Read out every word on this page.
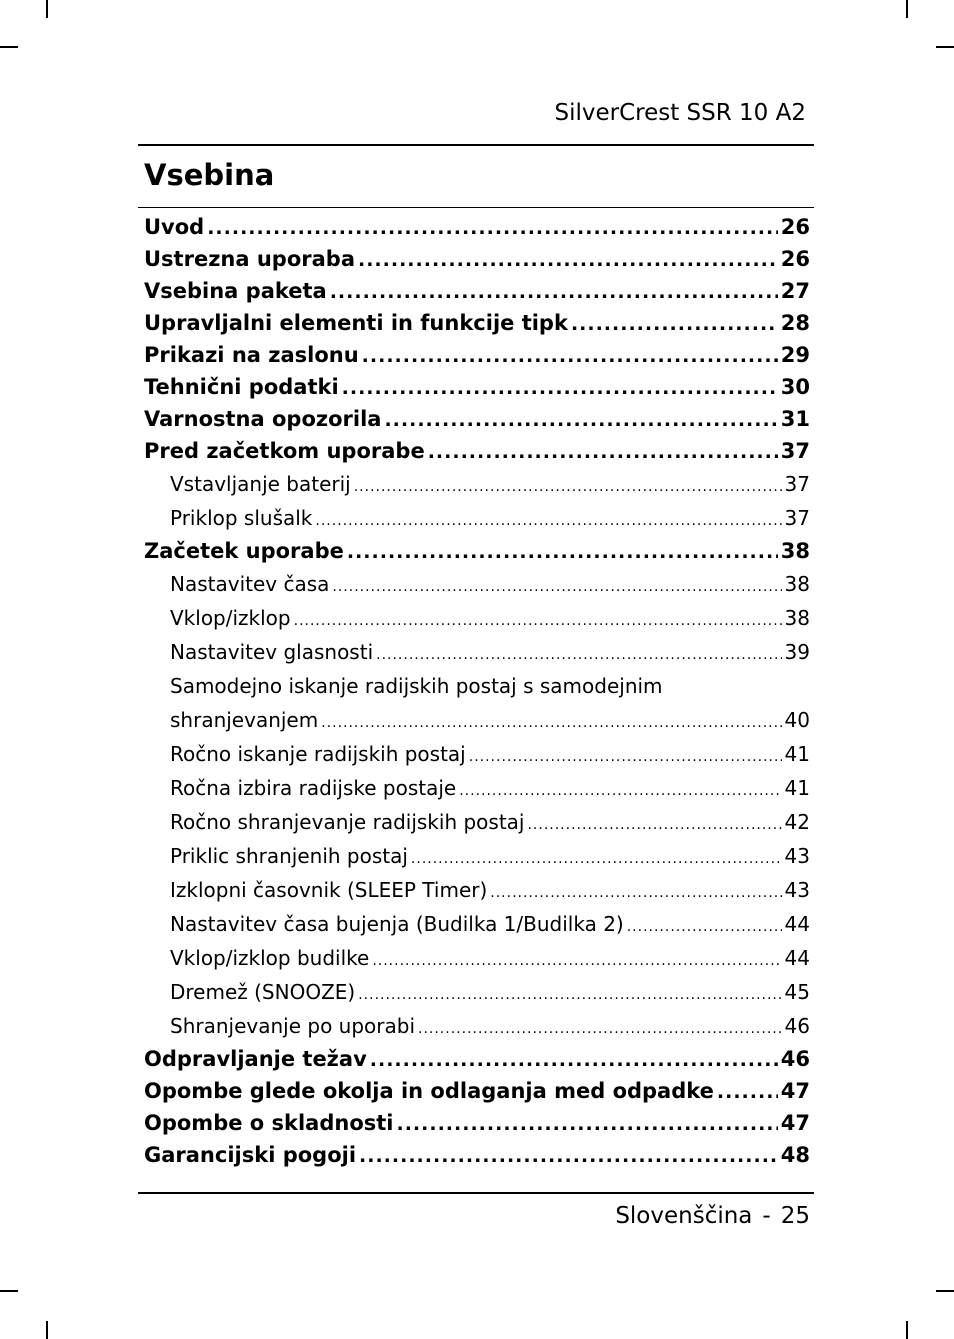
SilverCrest SSR 10 A2
Vsebina
Uvod .....	26
Ustrezna uporaba .....	26
Vsebina paketa .....	27
Upravljalni elementi in funkcije tipk .....	28
Prikazi na zaslonu .....	29
Tehnični podatki .....	30
Varnostna opozorila .....	31
Pred začetkom uporabe .....	37
Vstavljanje baterij .....	37
Priklop slušalk .....	37
Začetek uporabe .....	38
Nastavitev časa .....	38
Vklop/izklop .....	38
Nastavitev glasnosti .....	39
Samodejno iskanje radijskih postaj s samodejnim
shranjevanjem .....	40
Ročno iskanje radijskih postaj .....	41
Ročna izbira radijske postaje .....	41
Ročno shranjevanje radijskih postaj .....	42
Priklic shranjenih postaj .....	43
Izklopni časovnik (SLEEP Timer) .....	43
Nastavitev časa bujenja (Budilka 1/Budilka 2) .....	44
Vklop/izklop budilke .....	44
Dremež (SNOOZE) .....	45
Shranjevanje po uporabi .....	46
Odpravljanje težav .....	46
Opombe glede okolja in odlaganja med odpadke .....	47
Opombe o skladnosti .....	47
Garancijski pogoji .....	48
Slovenščina - 25
